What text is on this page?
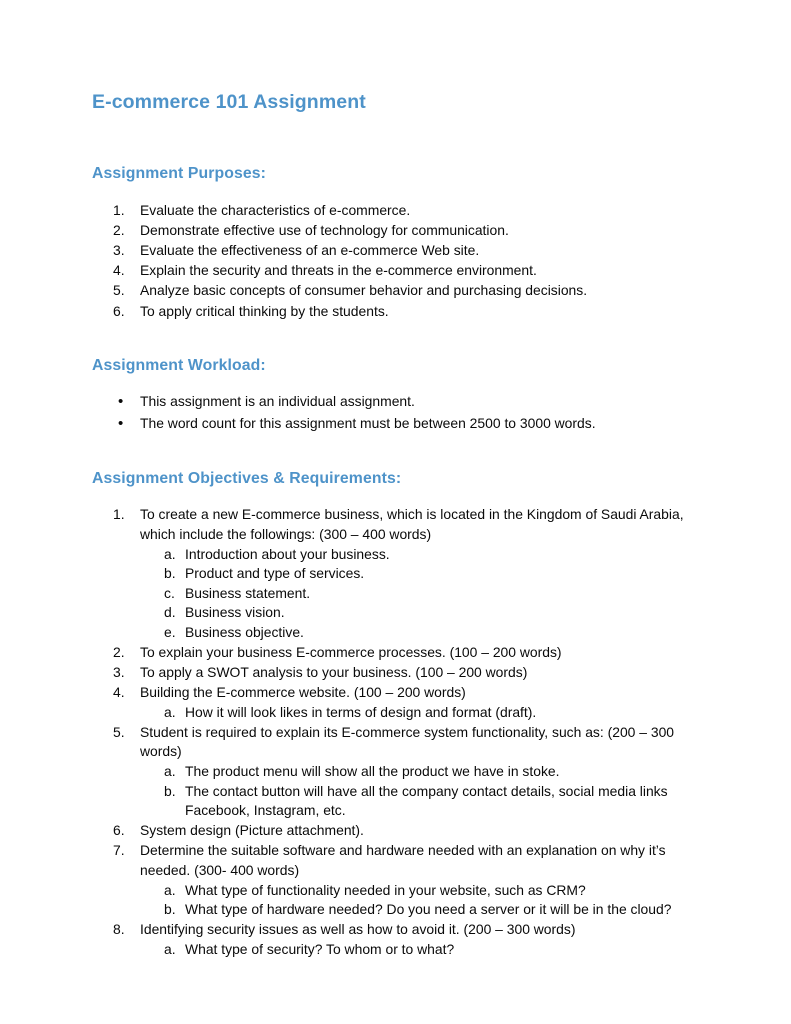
E-commerce 101 Assignment
Assignment Purposes:
1.	Evaluate the characteristics of e-commerce.
2.	Demonstrate effective use of technology for communication.
3.	Evaluate the effectiveness of an e-commerce Web site.
4.	Explain the security and threats in the e-commerce environment.
5.	Analyze basic concepts of consumer behavior and purchasing decisions.
6.	To apply critical thinking by the students.
Assignment Workload:
• This assignment is an individual assignment.
• The word count for this assignment must be between 2500 to 3000 words.
Assignment Objectives & Requirements:
1.	To create a new E-commerce business, which is located in the Kingdom of Saudi Arabia, which include the followings: (300 – 400 words)
a. Introduction about your business.
b. Product and type of services.
c. Business statement.
d. Business vision.
e. Business objective.
2.	To explain your business E-commerce processes. (100 – 200 words)
3.	To apply a SWOT analysis to your business. (100 – 200 words)
4.	Building the E-commerce website. (100 – 200 words)
a. How it will look likes in terms of design and format (draft).
5.	Student is required to explain its E-commerce system functionality, such as: (200 – 300 words)
a. The product menu will show all the product we have in stoke.
b. The contact button will have all the company contact details, social media links Facebook, Instagram, etc.
6.	System design (Picture attachment).
7.	Determine the suitable software and hardware needed with an explanation on why it’s needed. (300- 400 words)
a. What type of functionality needed in your website, such as CRM?
b. What type of hardware needed? Do you need a server or it will be in the cloud?
8.	Identifying security issues as well as how to avoid it. (200 – 300 words)
a. What type of security? To whom or to what?
